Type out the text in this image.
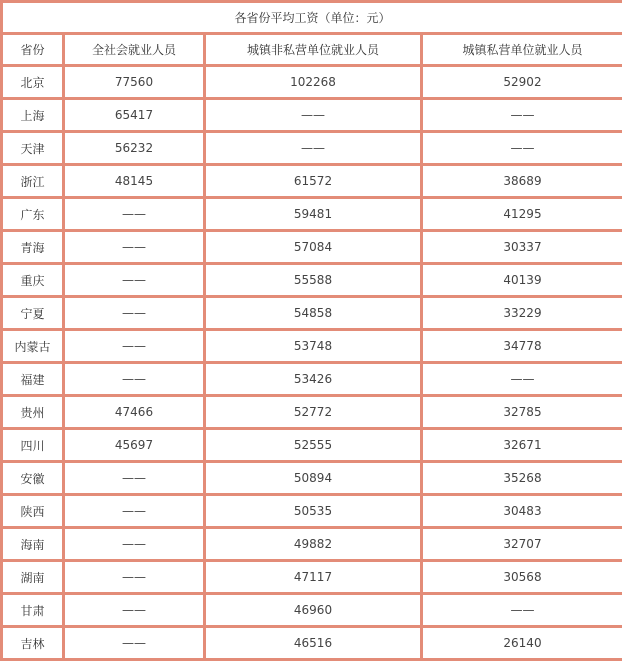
各省份平均工资（单位：元）			
省份	全社会就业人员	城镇非私营单位就业人员	城镇私营单位就业人员
北京	77560	102268	52902
上海	65417	——	——
天津	56232	——	——
浙江	48145	61572	38689
广东	——	59481	41295
青海	——	57084	30337
重庆	——	55588	40139
宁夏	——	54858	33229
内蒙古	——	53748	34778
福建	——	53426	——
贵州	47466	52772	32785
四川	45697	52555	32671
安徽	——	50894	35268
陕西	——	50535	30483
海南	——	49882	32707
湖南	——	47117	30568
甘肃	——	46960	——
吉林	——	46516	26140
